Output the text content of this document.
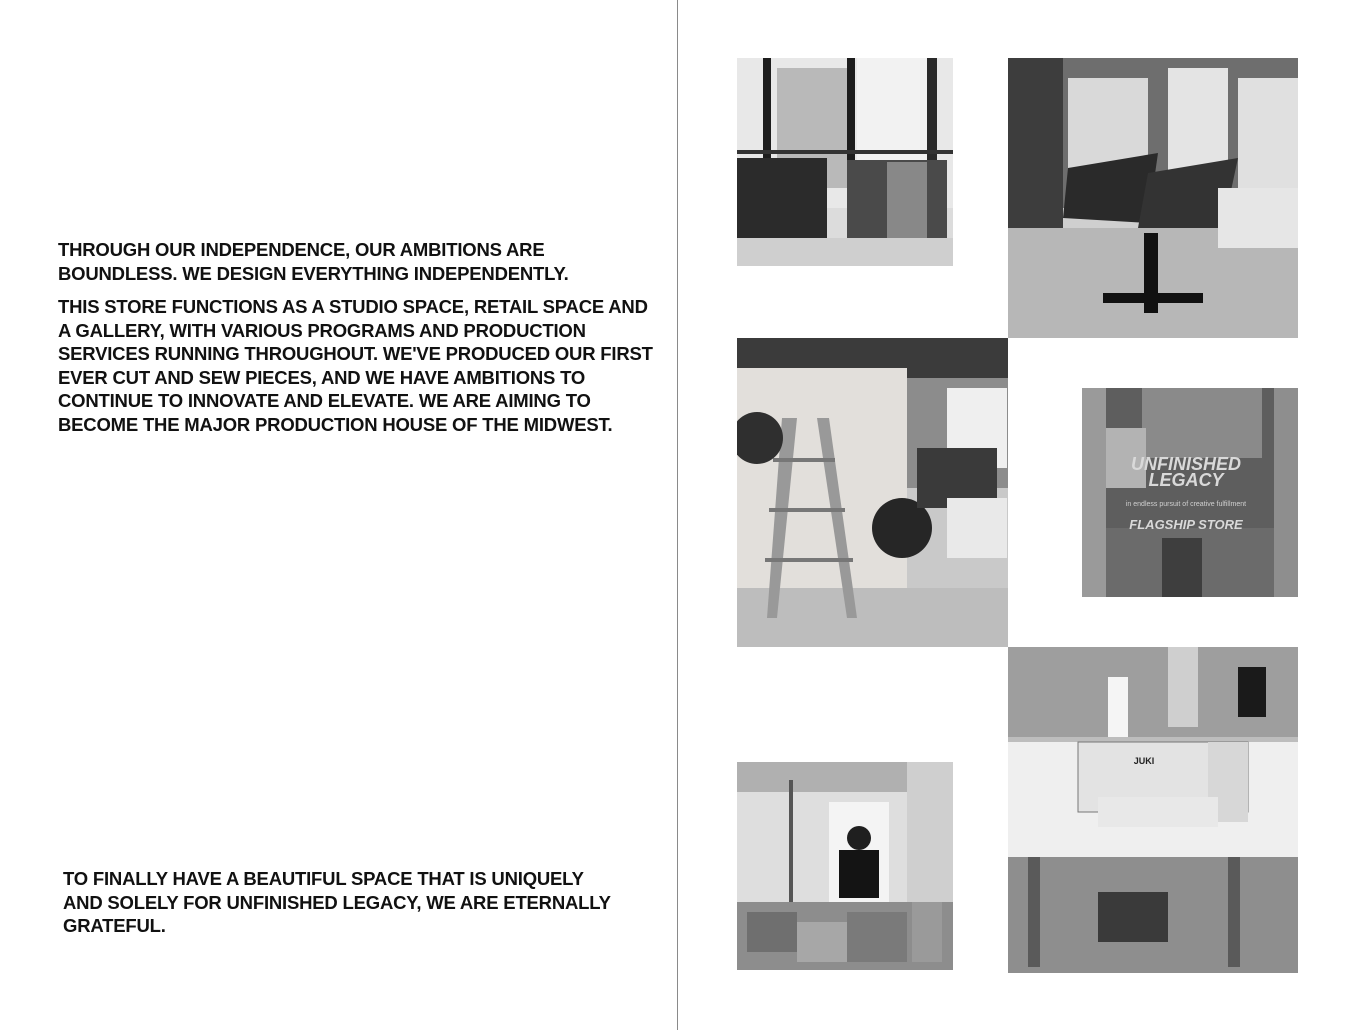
THROUGH OUR INDEPENDENCE, OUR AMBITIONS ARE BOUNDLESS. WE DESIGN EVERYTHING INDEPENDENTLY.

THIS STORE FUNCTIONS AS A STUDIO SPACE, RETAIL SPACE AND A GALLERY, WITH VARIOUS PROGRAMS AND PRODUCTION SERVICES RUNNING THROUGHOUT. WE'VE PRODUCED OUR FIRST EVER CUT AND SEW PIECES, AND WE HAVE AMBITIONS TO CONTINUE TO INNOVATE AND ELEVATE. WE ARE AIMING TO BECOME THE MAJOR PRODUCTION HOUSE OF THE MIDWEST.

TO FINALLY HAVE A BEAUTIFUL SPACE THAT IS UNIQUELY AND SOLELY FOR UNFINISHED LEGACY, WE ARE ETERNALLY GRATEFUL.

UNFINISHED
LEGACY
in endless pursuit of creative fulfillment
FLAGSHIP STORE
JUKI
